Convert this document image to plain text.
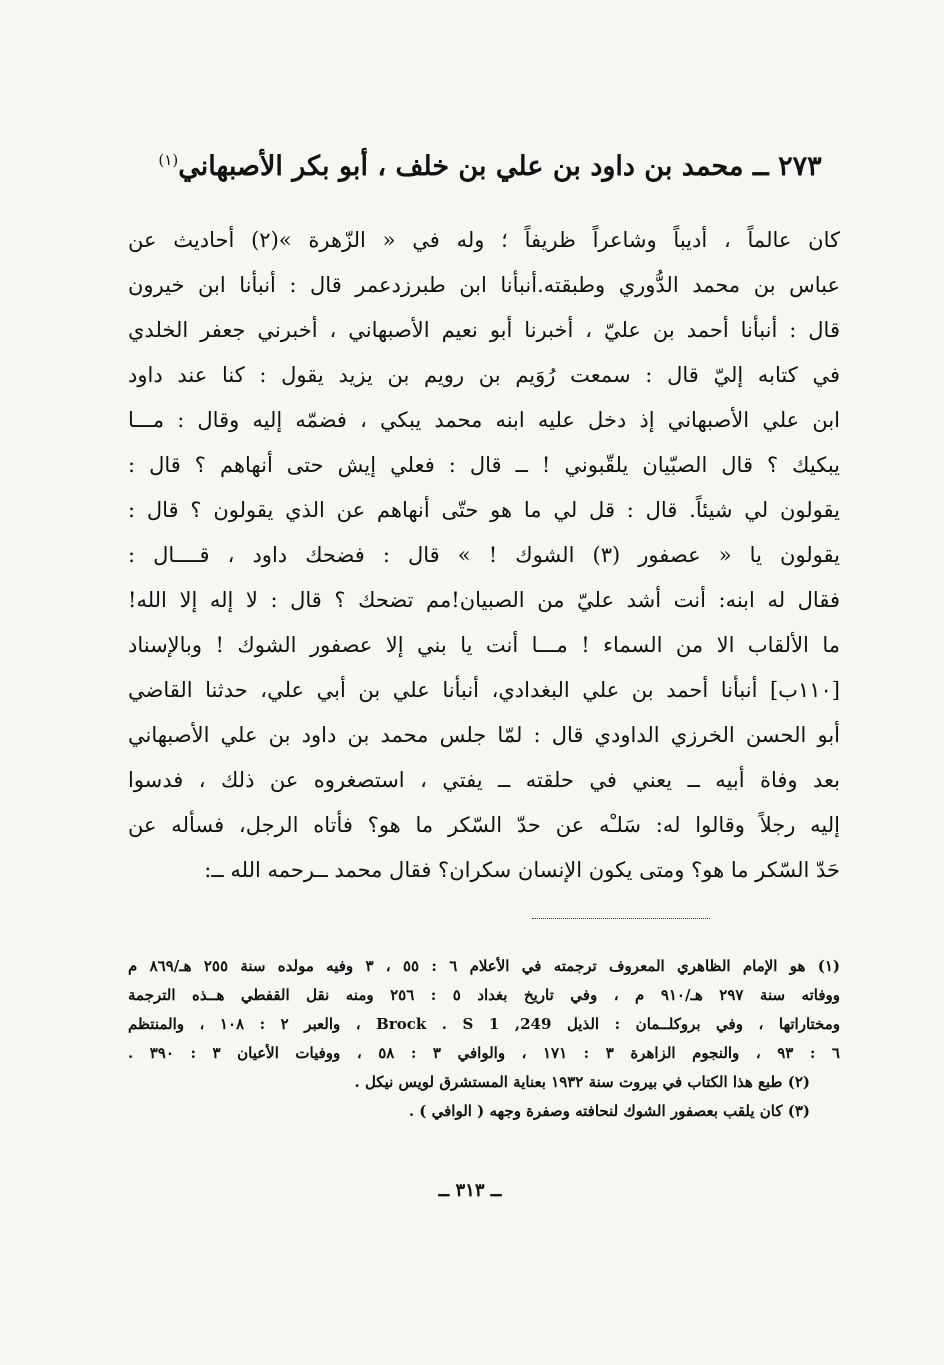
٢٧٣ ــ محمد بن داود بن علي بن خلف ، أبو بكر الأصبهاني$^{(١)}$
كان عالماً ، أديباً وشاعراً ظريفاً ؛ وله في « الزّهرة »(٢) أحاديث عن
عباس بن محمد الدُّوري وطبقته.أنبأنا ابن طبرزدعمر قال : أنبأنا ابن خيرون
قال : أنبأنا أحمد بن عليّ ، أخبرنا أبو نعيم الأصبهاني ، أخبرني جعفر الخلدي
في كتابه إليّ قال : سمعت رُوَيم بن رويم بن يزيد يقول : كنا عند داود
ابن علي الأصبهاني إذ دخل عليه ابنه محمد يبكي ، فضمّه إليه وقال : مـــا
يبكيك ؟ قال الصبّيان يلقّبوني ! ــ قال : فعلي إيش حتى أنهاهم ؟ قال :
يقولون لي شيئاً. قال : قل لي ما هو حتّى أنهاهم عن الذي يقولون ؟ قال :
يقولون يا « عصفور (٣) الشوك ! » قال : فضحك داود ، قــــال :
فقال له ابنه: أنت أشد عليّ من الصبيان!مم تضحك ؟ قال : لا إله إلا الله!
ما الألقاب الا من السماء ! مـــا أنت يا بني إلا عصفور الشوك ! وبالإسناد
[١١٠ب] أنبأنا أحمد بن علي البغدادي، أنبأنا علي بن أبي علي، حدثنا القاضي
أبو الحسن الخرزي الداودي قال : لمّا جلس محمد بن داود بن علي الأصبهاني
بعد وفاة أبيه ــ يعني في حلقته ــ يفتي ، استصغروه عن ذلك ، فدسوا
إليه رجلاً وقالوا له: سَلـْه عن حدّ السّكر ما هو؟ فأتاه الرجل، فسأله عن
حَدّ السّكر ما هو؟ ومتى يكون الإنسان سكران؟ فقال محمد ــرحمه الله ــ:
(١) هو الإمام الظاهري المعروف ترجمته في الأعلام ٦ : ٥٥ ، ٣ وفيه مولده سنة ٢٥٥ هـ/٨٦٩ م
ووفاته سنة ٢٩٧ هـ/٩١٠ م ، وفي تاريخ بغداد ٥ : ٢٥٦ ومنه نقل القفطي هــذه الترجمة
ومختاراتها ، وفي بروكلــمان : الذيل Brock . S 1 ,249 ، والعبر ٢ : ١٠٨ ، والمنتظم
٦ : ٩٣ ، والنجوم الزاهرة ٣ : ١٧١ ، والوافي ٣ : ٥٨ ، ووفيات الأعيان ٣ : ٣٩٠ .
(٢) طبع هذا الكتاب في بيروت سنة ١٩٣٢ بعناية المستشرق لويس نيكل .
(٣) كان يلقب بعصفور الشوك لنحافته وصفرة وجهه ( الوافي ) .
ــ ٣١٣ ــ
